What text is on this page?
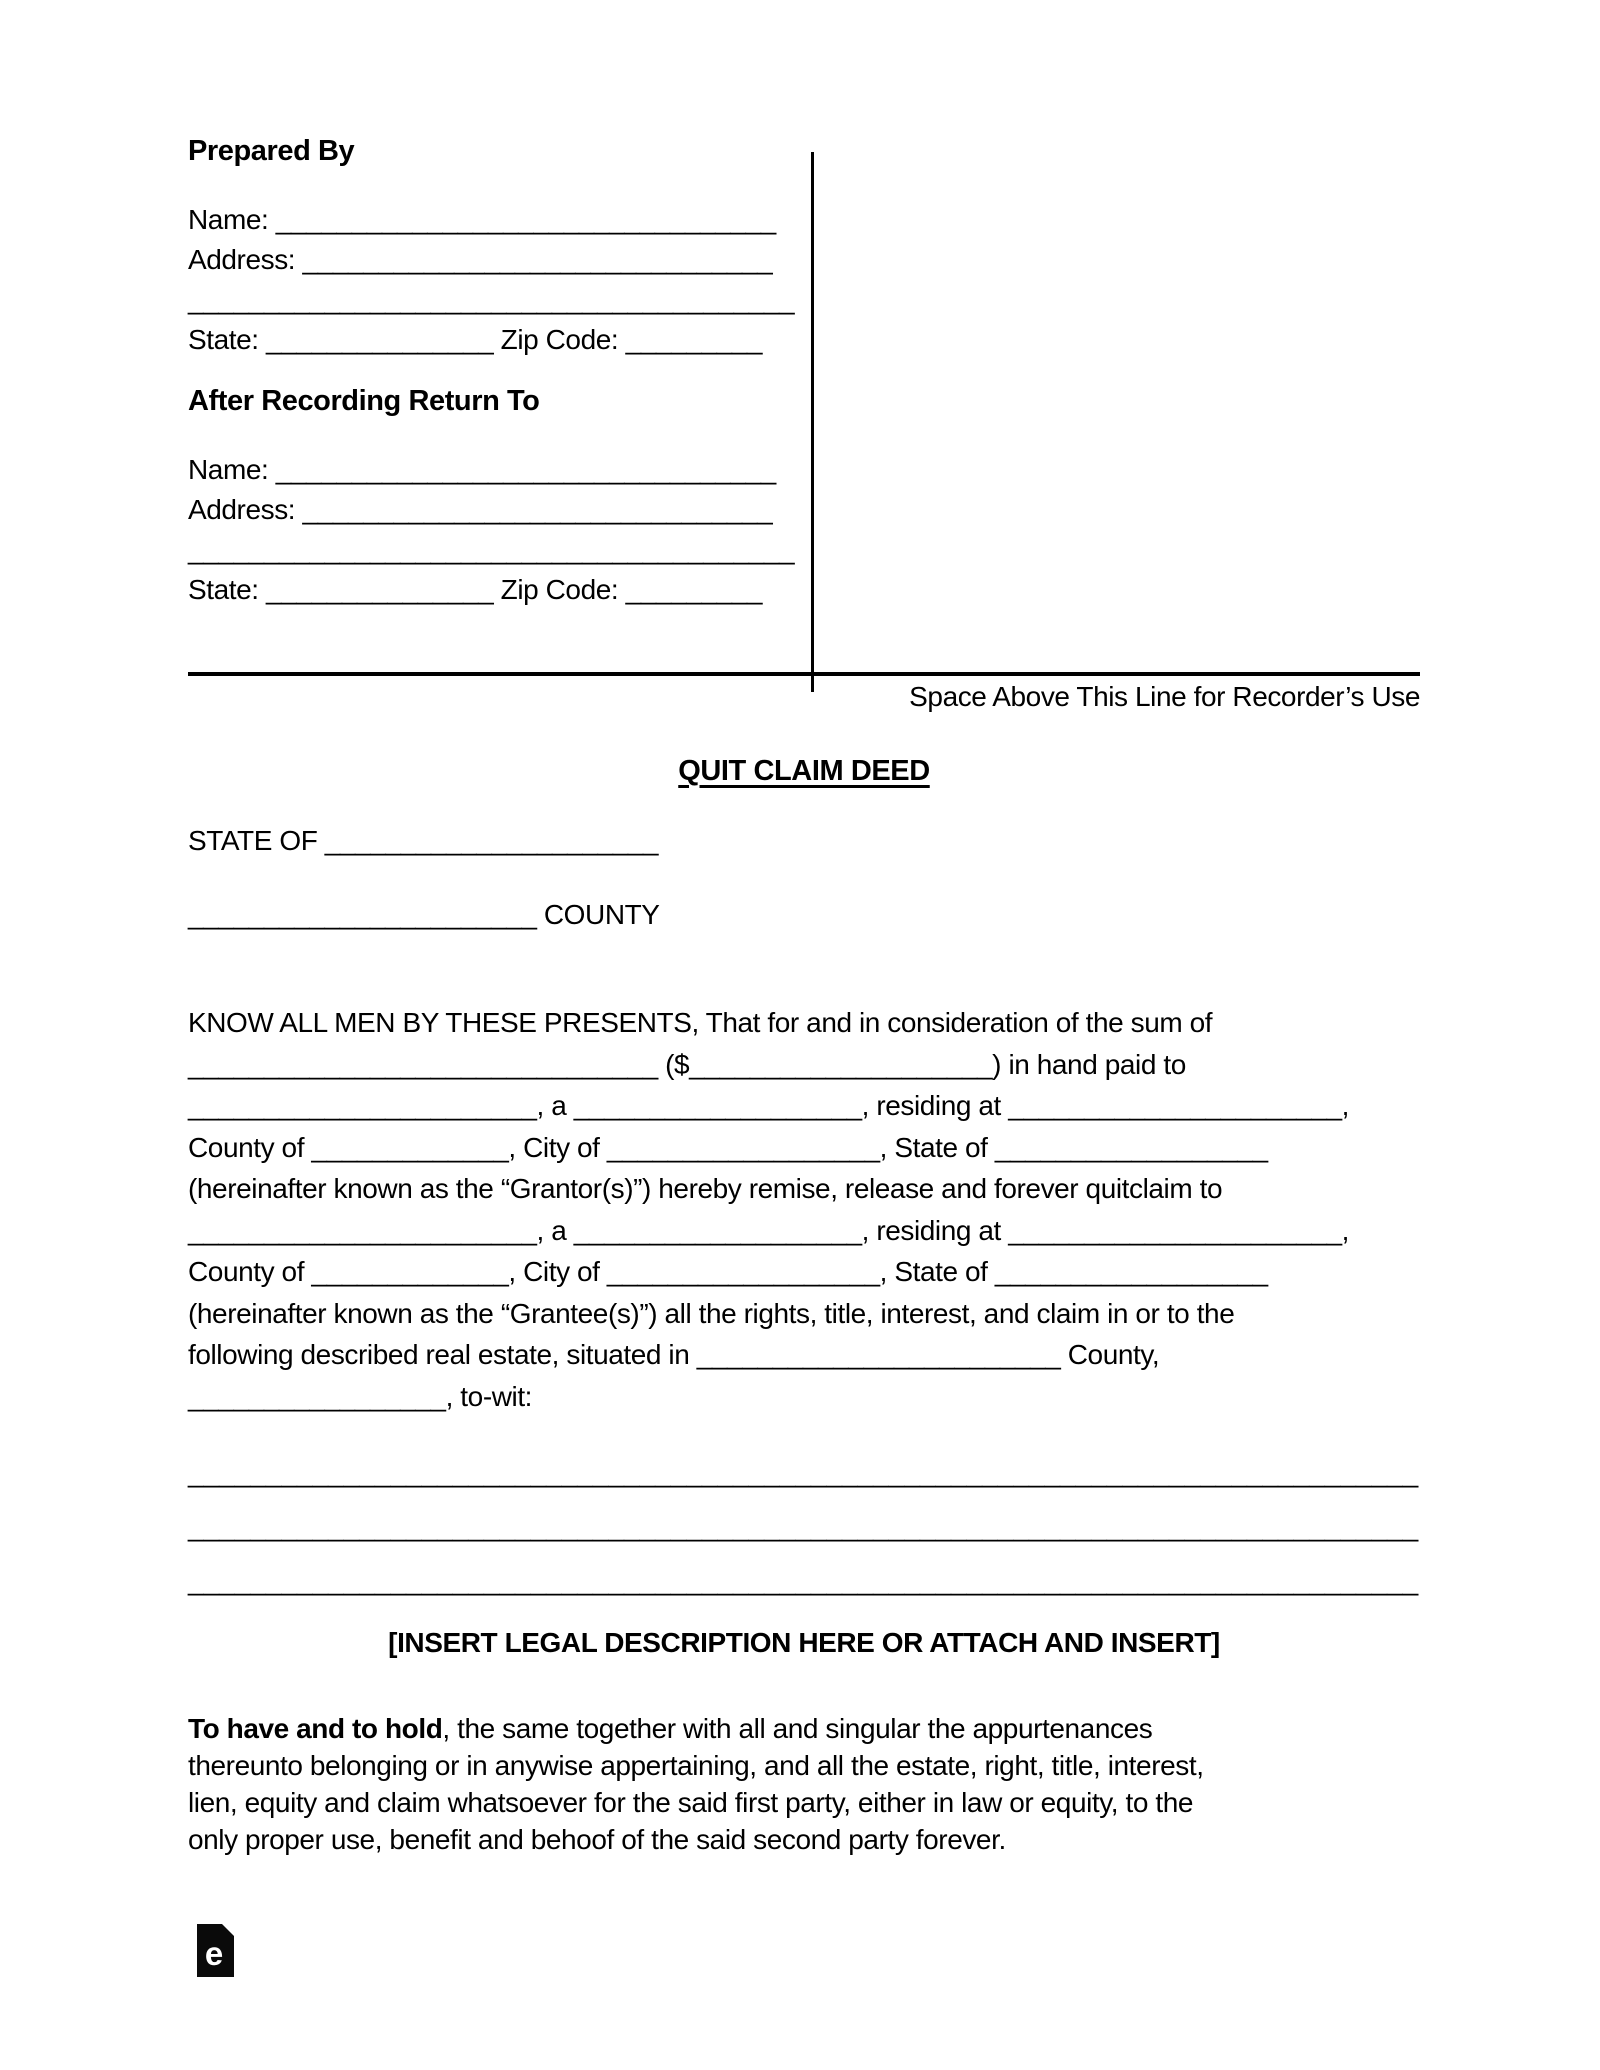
Prepared By
Name: _________________________________
Address: _______________________________
________________________________________
State: _______________ Zip Code: _________
After Recording Return To
Name: _________________________________
Address: _______________________________
________________________________________
State: _______________ Zip Code: _________
Space Above This Line for Recorder’s Use
QUIT CLAIM DEED
STATE OF ______________________
_______________________ COUNTY
KNOW ALL MEN BY THESE PRESENTS, That for and in consideration of the sum of
_______________________________ ($____________________) in hand paid to
_______________________, a ___________________, residing at ______________________,
County of _____________, City of __________________, State of __________________
(hereinafter known as the “Grantor(s)”) hereby remise, release and forever quitclaim to
_______________________, a ___________________, residing at ______________________,
County of _____________, City of __________________, State of __________________
(hereinafter known as the “Grantee(s)”) all the rights, title, interest, and claim in or to the
following described real estate, situated in ________________________ County,
_________________, to-wit:
_______________________________________________________________________________
_______________________________________________________________________________
_______________________________________________________________________________
[INSERT LEGAL DESCRIPTION HERE OR ATTACH AND INSERT]
To have and to hold, the same together with all and singular the appurtenances
thereunto belonging or in anywise appertaining, and all the estate, right, title, interest,
lien, equity and claim whatsoever for the said first party, either in law or equity, to the
only proper use, benefit and behoof of the said second party forever.
e
